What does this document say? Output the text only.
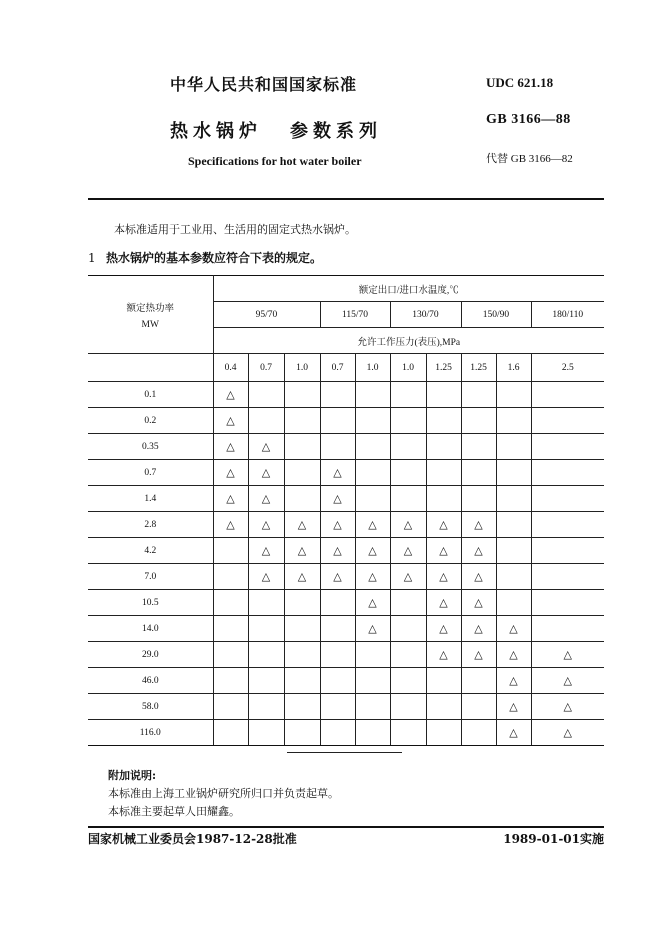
中华人民共和国国家标准	UDC 621.18
热水锅炉 参数系列
GB 3166—88
Specifications for hot water boiler	代替 GB 3166—82
本标准适用于工业用、生活用的固定式热水锅炉。
1 热水锅炉的基本参数应符合下表的规定。
额定热功率
MW	额定出口/进口水温度,℃									
	95/70			115/70		130/70		150/90		180/110
	允许工作压力(表压),MPa									
	0.4	0.7	1.0	0.7	1.0	1.0	1.25	1.25	1.6	2.5
0.1	△									
0.2	△									
0.35	△	△								
0.7	△	△		△						
1.4	△	△		△						
2.8	△	△	△	△	△	△	△	△		
4.2		△	△	△	△	△	△	△		
7.0		△	△	△	△	△	△	△		
10.5					△		△	△		
14.0					△		△	△	△	
29.0							△	△	△	△
46.0									△	△
58.0									△	△
116.0									△	△
附加说明:
本标准由上海工业锅炉研究所归口并负责起草。
本标准主要起草人田耀鑫。
国家机械工业委员会1987-12-28批准	1989-01-01实施
